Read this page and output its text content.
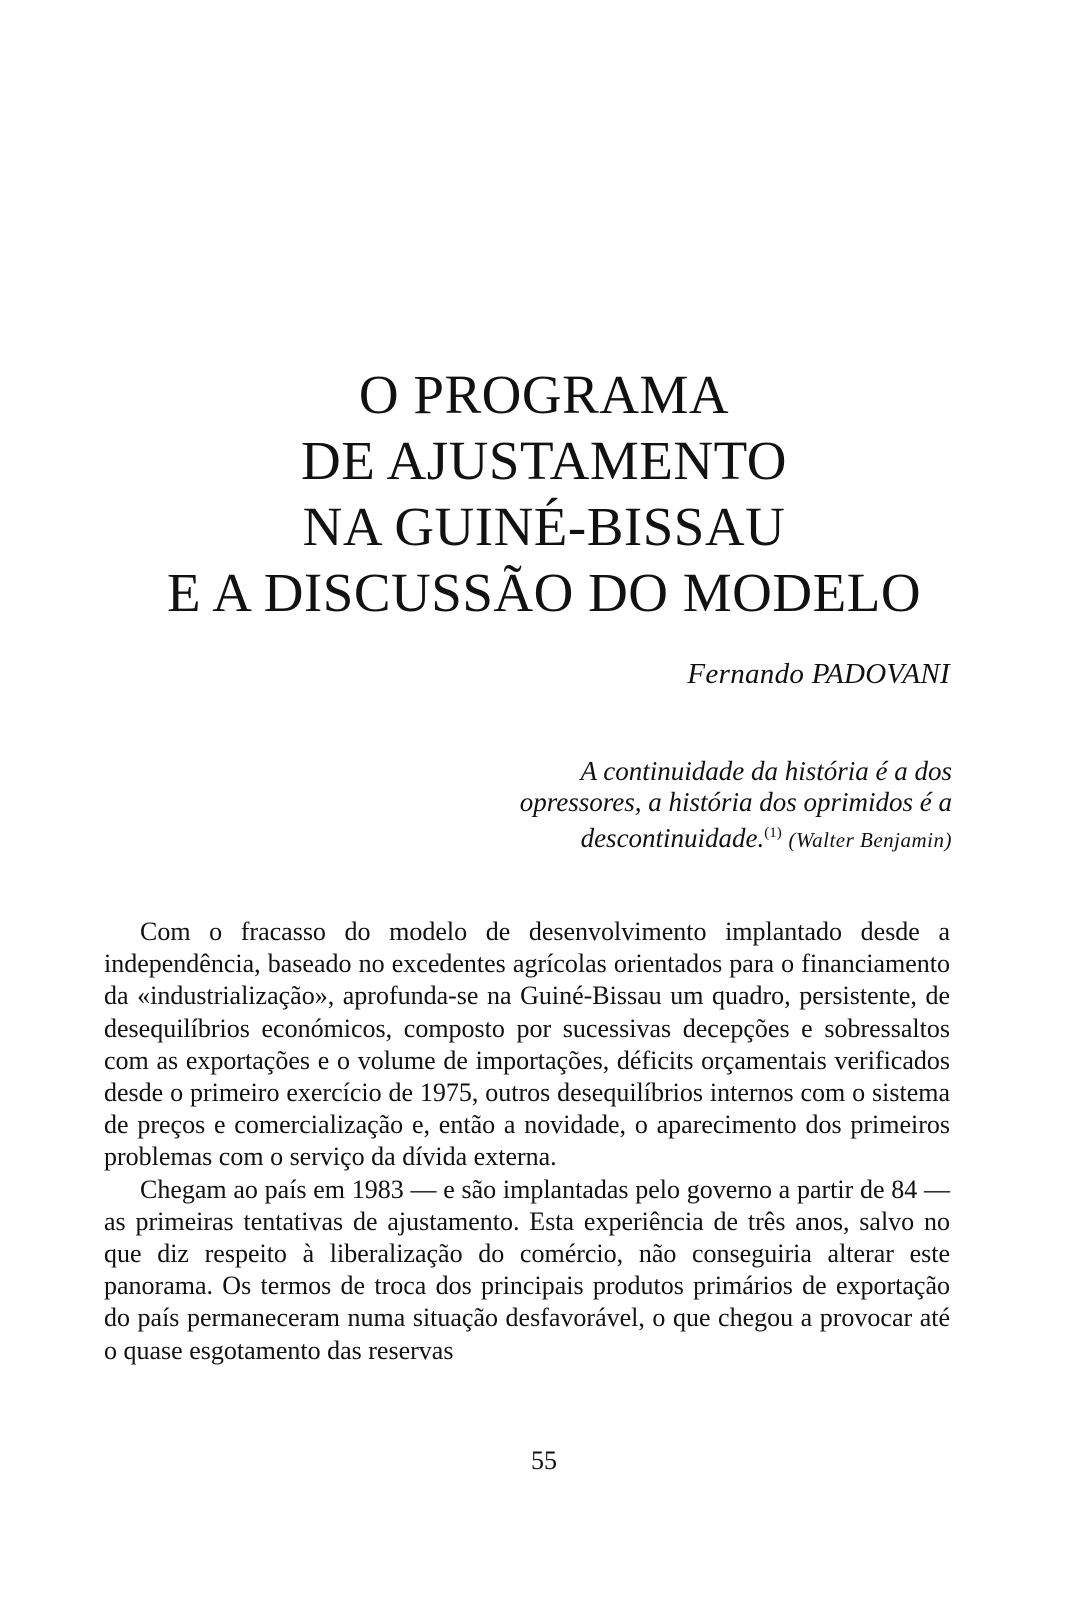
O PROGRAMA
DE AJUSTAMENTO
NA GUINÉ-BISSAU
E A DISCUSSÃO DO MODELO
Fernando PADOVANI
A continuidade da história é a dos
opressores, a história dos oprimidos é a
descontinuidade.$^{(1)}$ (Walter Benjamin)

Com o fracasso do modelo de desenvolvimento implantado desde a independência, baseado no excedentes agrícolas orientados para o financiamento da «industrialização», aprofunda-se na Guiné-Bissau um quadro, persistente, de desequilíbrios económicos, composto por sucessivas decepções e sobressaltos com as exportações e o volume de importações, déficits orçamentais verificados desde o primeiro exercício de 1975, outros desequilíbrios internos com o sistema de preços e comercialização e, então a novidade, o aparecimento dos primeiros problemas com o serviço da dívida externa.

Chegam ao país em 1983 — e são implantadas pelo governo a partir de 84 — as primeiras tentativas de ajustamento. Esta experiência de três anos, salvo no que diz respeito à liberalização do comércio, não conseguiria alterar este panorama. Os termos de troca dos principais produtos primários de exportação do país permaneceram numa situação desfavorável, o que chegou a provocar até o quase esgotamento das reservas

55
